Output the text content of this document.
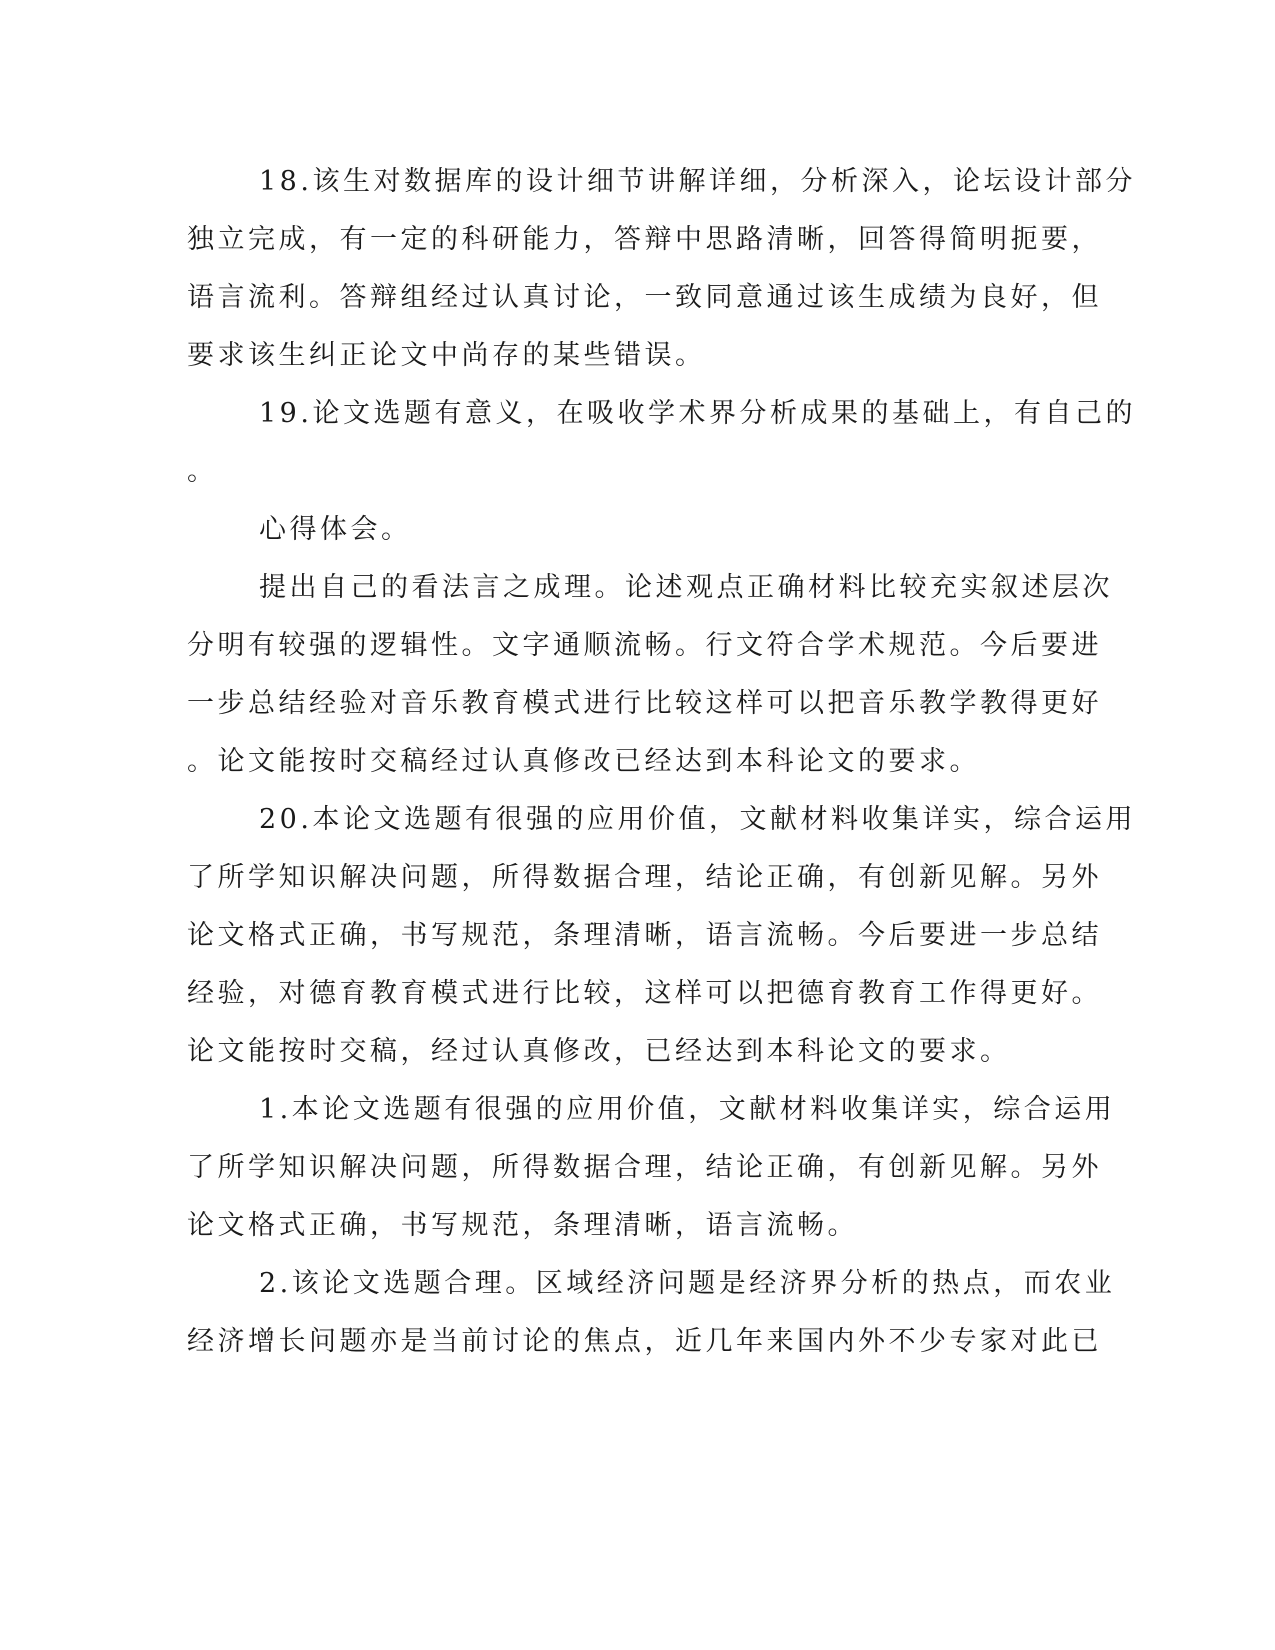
18.该生对数据库的设计细节讲解详细，分析深入，论坛设计部分
独立完成，有一定的科研能力，答辩中思路清晰，回答得简明扼要，
语言流利。答辩组经过认真讨论，一致同意通过该生成绩为良好，但
要求该生纠正论文中尚存的某些错误。
19.论文选题有意义，在吸收学术界分析成果的基础上，有自己的
。
心得体会。
提出自己的看法言之成理。论述观点正确材料比较充实叙述层次
分明有较强的逻辑性。文字通顺流畅。行文符合学术规范。今后要进
一步总结经验对音乐教育模式进行比较这样可以把音乐教学教得更好
。论文能按时交稿经过认真修改已经达到本科论文的要求。
20.本论文选题有很强的应用价值，文献材料收集详实，综合运用
了所学知识解决问题，所得数据合理，结论正确，有创新见解。另外
论文格式正确，书写规范，条理清晰，语言流畅。今后要进一步总结
经验，对德育教育模式进行比较，这样可以把德育教育工作得更好。
论文能按时交稿，经过认真修改，已经达到本科论文的要求。
1.本论文选题有很强的应用价值，文献材料收集详实，综合运用
了所学知识解决问题，所得数据合理，结论正确，有创新见解。另外
论文格式正确，书写规范，条理清晰，语言流畅。
2.该论文选题合理。区域经济问题是经济界分析的热点，而农业
经济增长问题亦是当前讨论的焦点，近几年来国内外不少专家对此已
